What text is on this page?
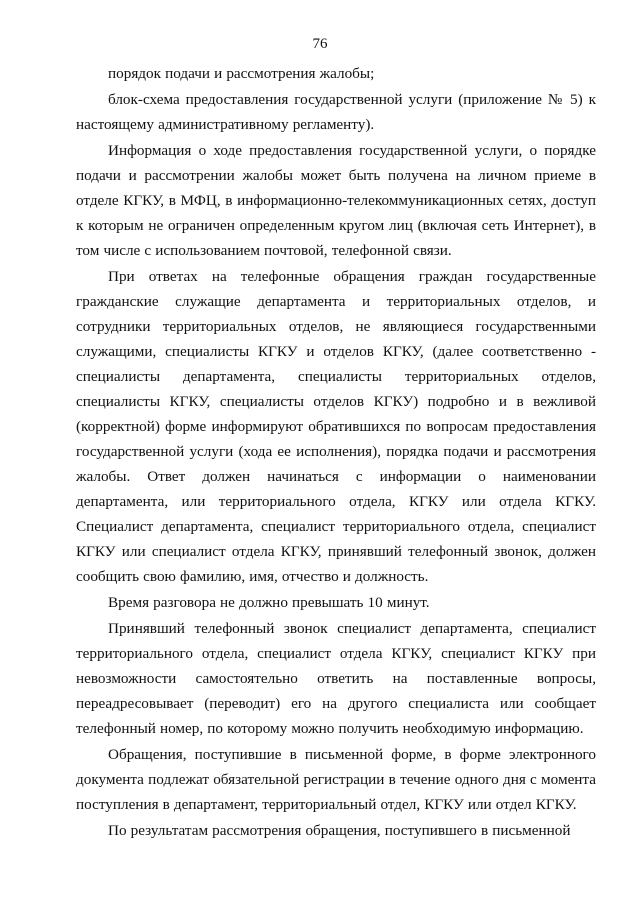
76

порядок подачи и рассмотрения жалобы;

блок-схема предоставления государственной услуги (приложение № 5) к настоящему административному регламенту).

Информация о ходе предоставления государственной услуги, о порядке подачи и рассмотрении жалобы может быть получена на личном приеме в отделе КГКУ, в МФЦ, в информационно-телекоммуникационных сетях, доступ к которым не ограничен определенным кругом лиц (включая сеть Интернет), в том числе с использованием почтовой, телефонной связи.

При ответах на телефонные обращения граждан государственные гражданские служащие департамента и территориальных отделов, и сотрудники территориальных отделов, не являющиеся государственными служащими, специалисты КГКУ и отделов КГКУ, (далее соответственно - специалисты департамента, специалисты территориальных отделов, специалисты КГКУ, специалисты отделов КГКУ) подробно и в вежливой (корректной) форме информируют обратившихся по вопросам предоставления государственной услуги (хода ее исполнения), порядка подачи и рассмотрения жалобы. Ответ должен начинаться с информации о наименовании департамента, или территориального отдела, КГКУ или отдела КГКУ. Специалист департамента, специалист территориального отдела, специалист КГКУ или специалист отдела КГКУ, принявший телефонный звонок, должен сообщить свою фамилию, имя, отчество и должность.

Время разговора не должно превышать 10 минут.

Принявший телефонный звонок специалист департамента, специалист территориального отдела, специалист отдела КГКУ, специалист КГКУ при невозможности самостоятельно ответить на поставленные вопросы, переадресовывает (переводит) его на другого специалиста или сообщает телефонный номер, по которому можно получить необходимую информацию.

Обращения, поступившие в письменной форме, в форме электронного документа подлежат обязательной регистрации в течение одного дня с момента поступления в департамент, территориальный отдел, КГКУ или отдел КГКУ.

По результатам рассмотрения обращения, поступившего в письменной
